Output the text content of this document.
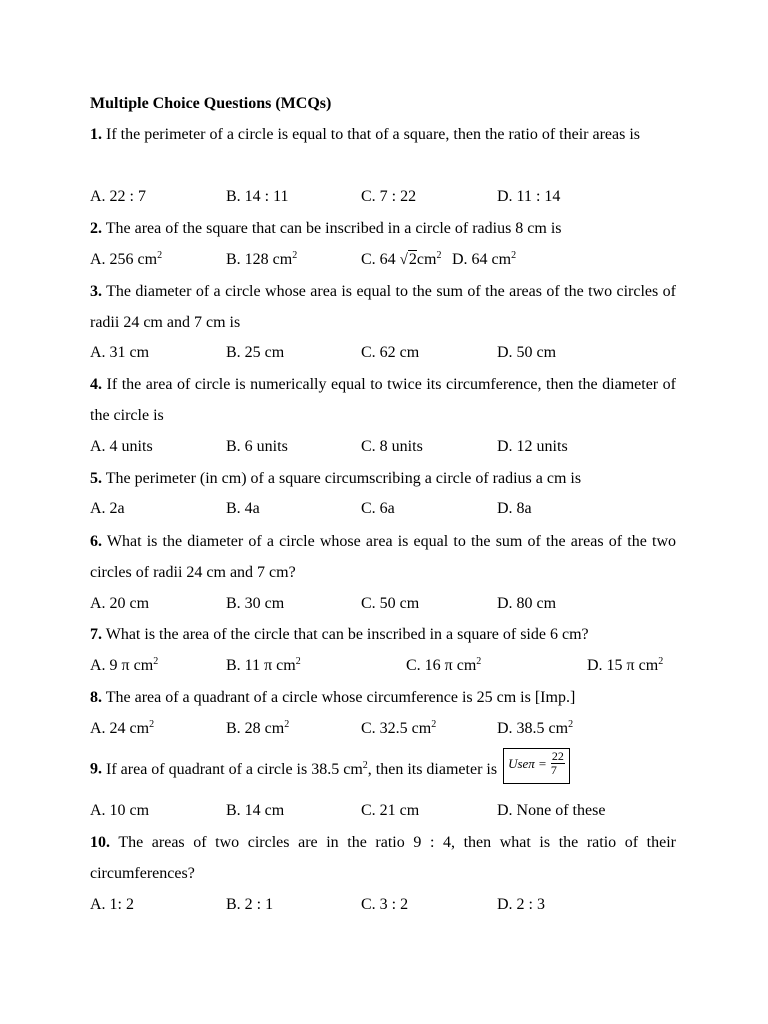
Multiple Choice Questions (MCQs)
1. If the perimeter of a circle is equal to that of a square, then the ratio of their areas is
A. 22 : 7	B. 14 : 11	C. 7 : 22	D. 11 : 14
2. The area of the square that can be inscribed in a circle of radius 8 cm is
A. 256 $cm^2$	B. 128 $cm^2$	C. 64 $√2cm^2$ D. 64 $cm^2$
3. The diameter of a circle whose area is equal to the sum of the areas of the two circles of radii 24 cm and 7 cm is
A. 31 cm	B. 25 cm	C. 62 cm	D. 50 cm
4. If the area of circle is numerically equal to twice its circumference, then the diameter of the circle is
A. 4 units	B. 6 units	C. 8 units	D. 12 units
5. The perimeter (in cm) of a square circumscribing a circle of radius a cm is
A. 2a	B. 4a	C. 6a	D. 8a
6. What is the diameter of a circle whose area is equal to the sum of the areas of the two circles of radii 24 cm and 7 cm?
A. 20 cm	B. 30 cm	C. 50 cm	D. 80 cm
7. What is the area of the circle that can be inscribed in a square of side 6 cm?
A. 9 π $cm^2$	B. 11 π $cm^2$	C. 16 π $cm^2$	D. 15 π $cm^2$
8. The area of a quadrant of a circle whose circumference is 25 cm is [Imp.]
A. 24 $cm^2$	B. 28 $cm^2$	C. 32.5 $cm^2$	D. 38.5 $cm^2$
9. If area of quadrant of a circle is 38.5 $cm^2$, then its diameter is $Use\pi = \frac{22}{7}$
A. 10 cm	B. 14 cm	C. 21 cm	D. None of these
10. The areas of two circles are in the ratio 9 : 4, then what is the ratio of their circumferences?
A. 1: 2	B. 2 : 1	C. 3 : 2	D. 2 : 3
